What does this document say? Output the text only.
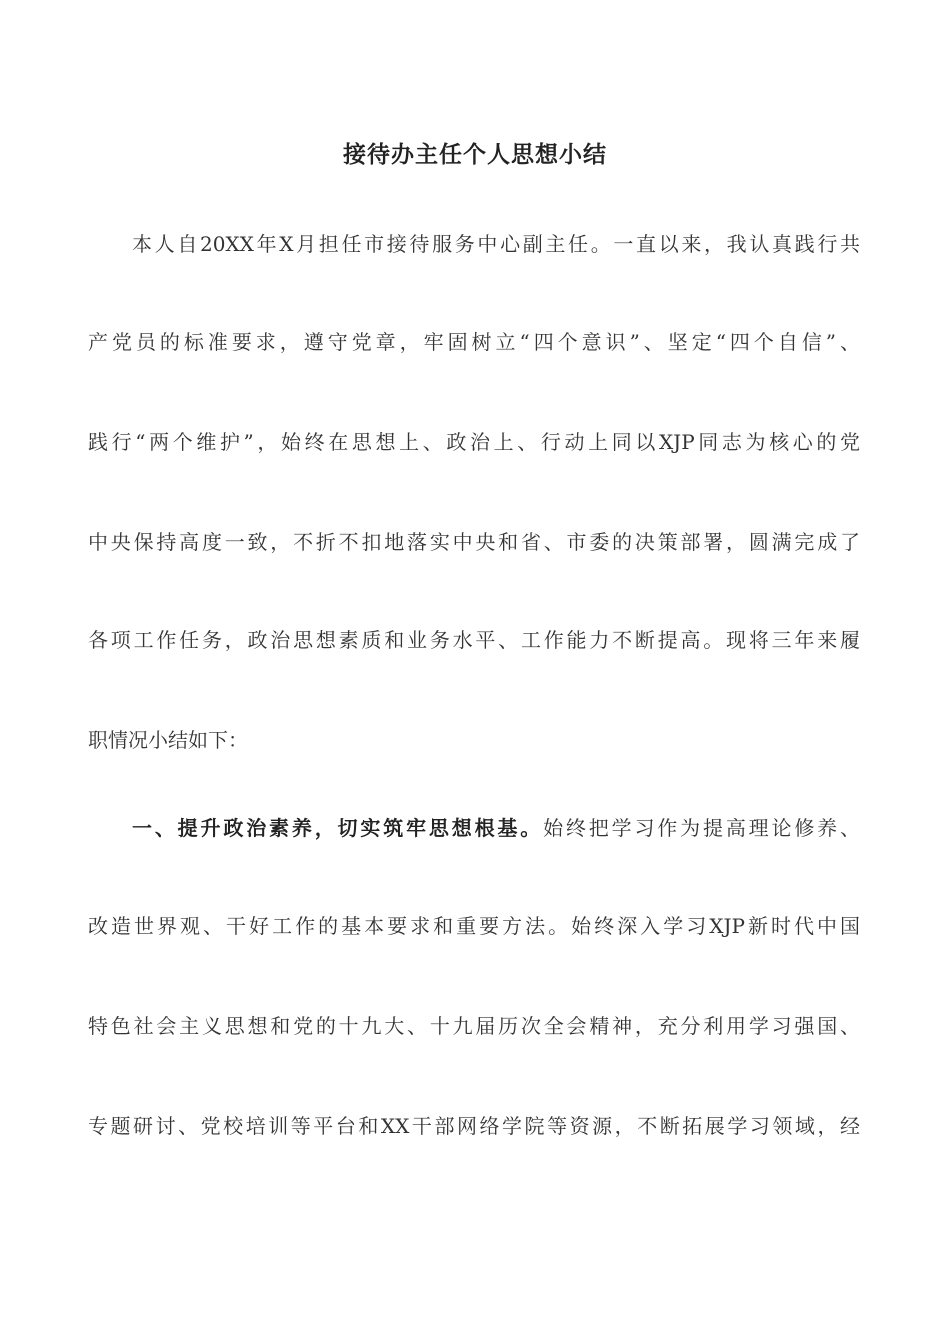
接待办主任个人思想小结
本人自20XX年X月担任市接待服务中心副主任。一直以来，我认真践行共
产党员的标准要求，遵守党章，牢固树立“四个意识”、坚定“四个自信”、
践行“两个维护”，始终在思想上、政治上、行动上同以XJP同志为核心的党
中央保持高度一致，不折不扣地落实中央和省、市委的决策部署，圆满完成了
各项工作任务，政治思想素质和业务水平、工作能力不断提高。现将三年来履
职情况小结如下：
一、提升政治素养，切实筑牢思想根基。始终把学习作为提高理论修养、
改造世界观、干好工作的基本要求和重要方法。始终深入学习XJP新时代中国
特色社会主义思想和党的十九大、十九届历次全会精神，充分利用学习强国、
专题研讨、党校培训等平台和XX干部网络学院等资源，不断拓展学习领域，经
